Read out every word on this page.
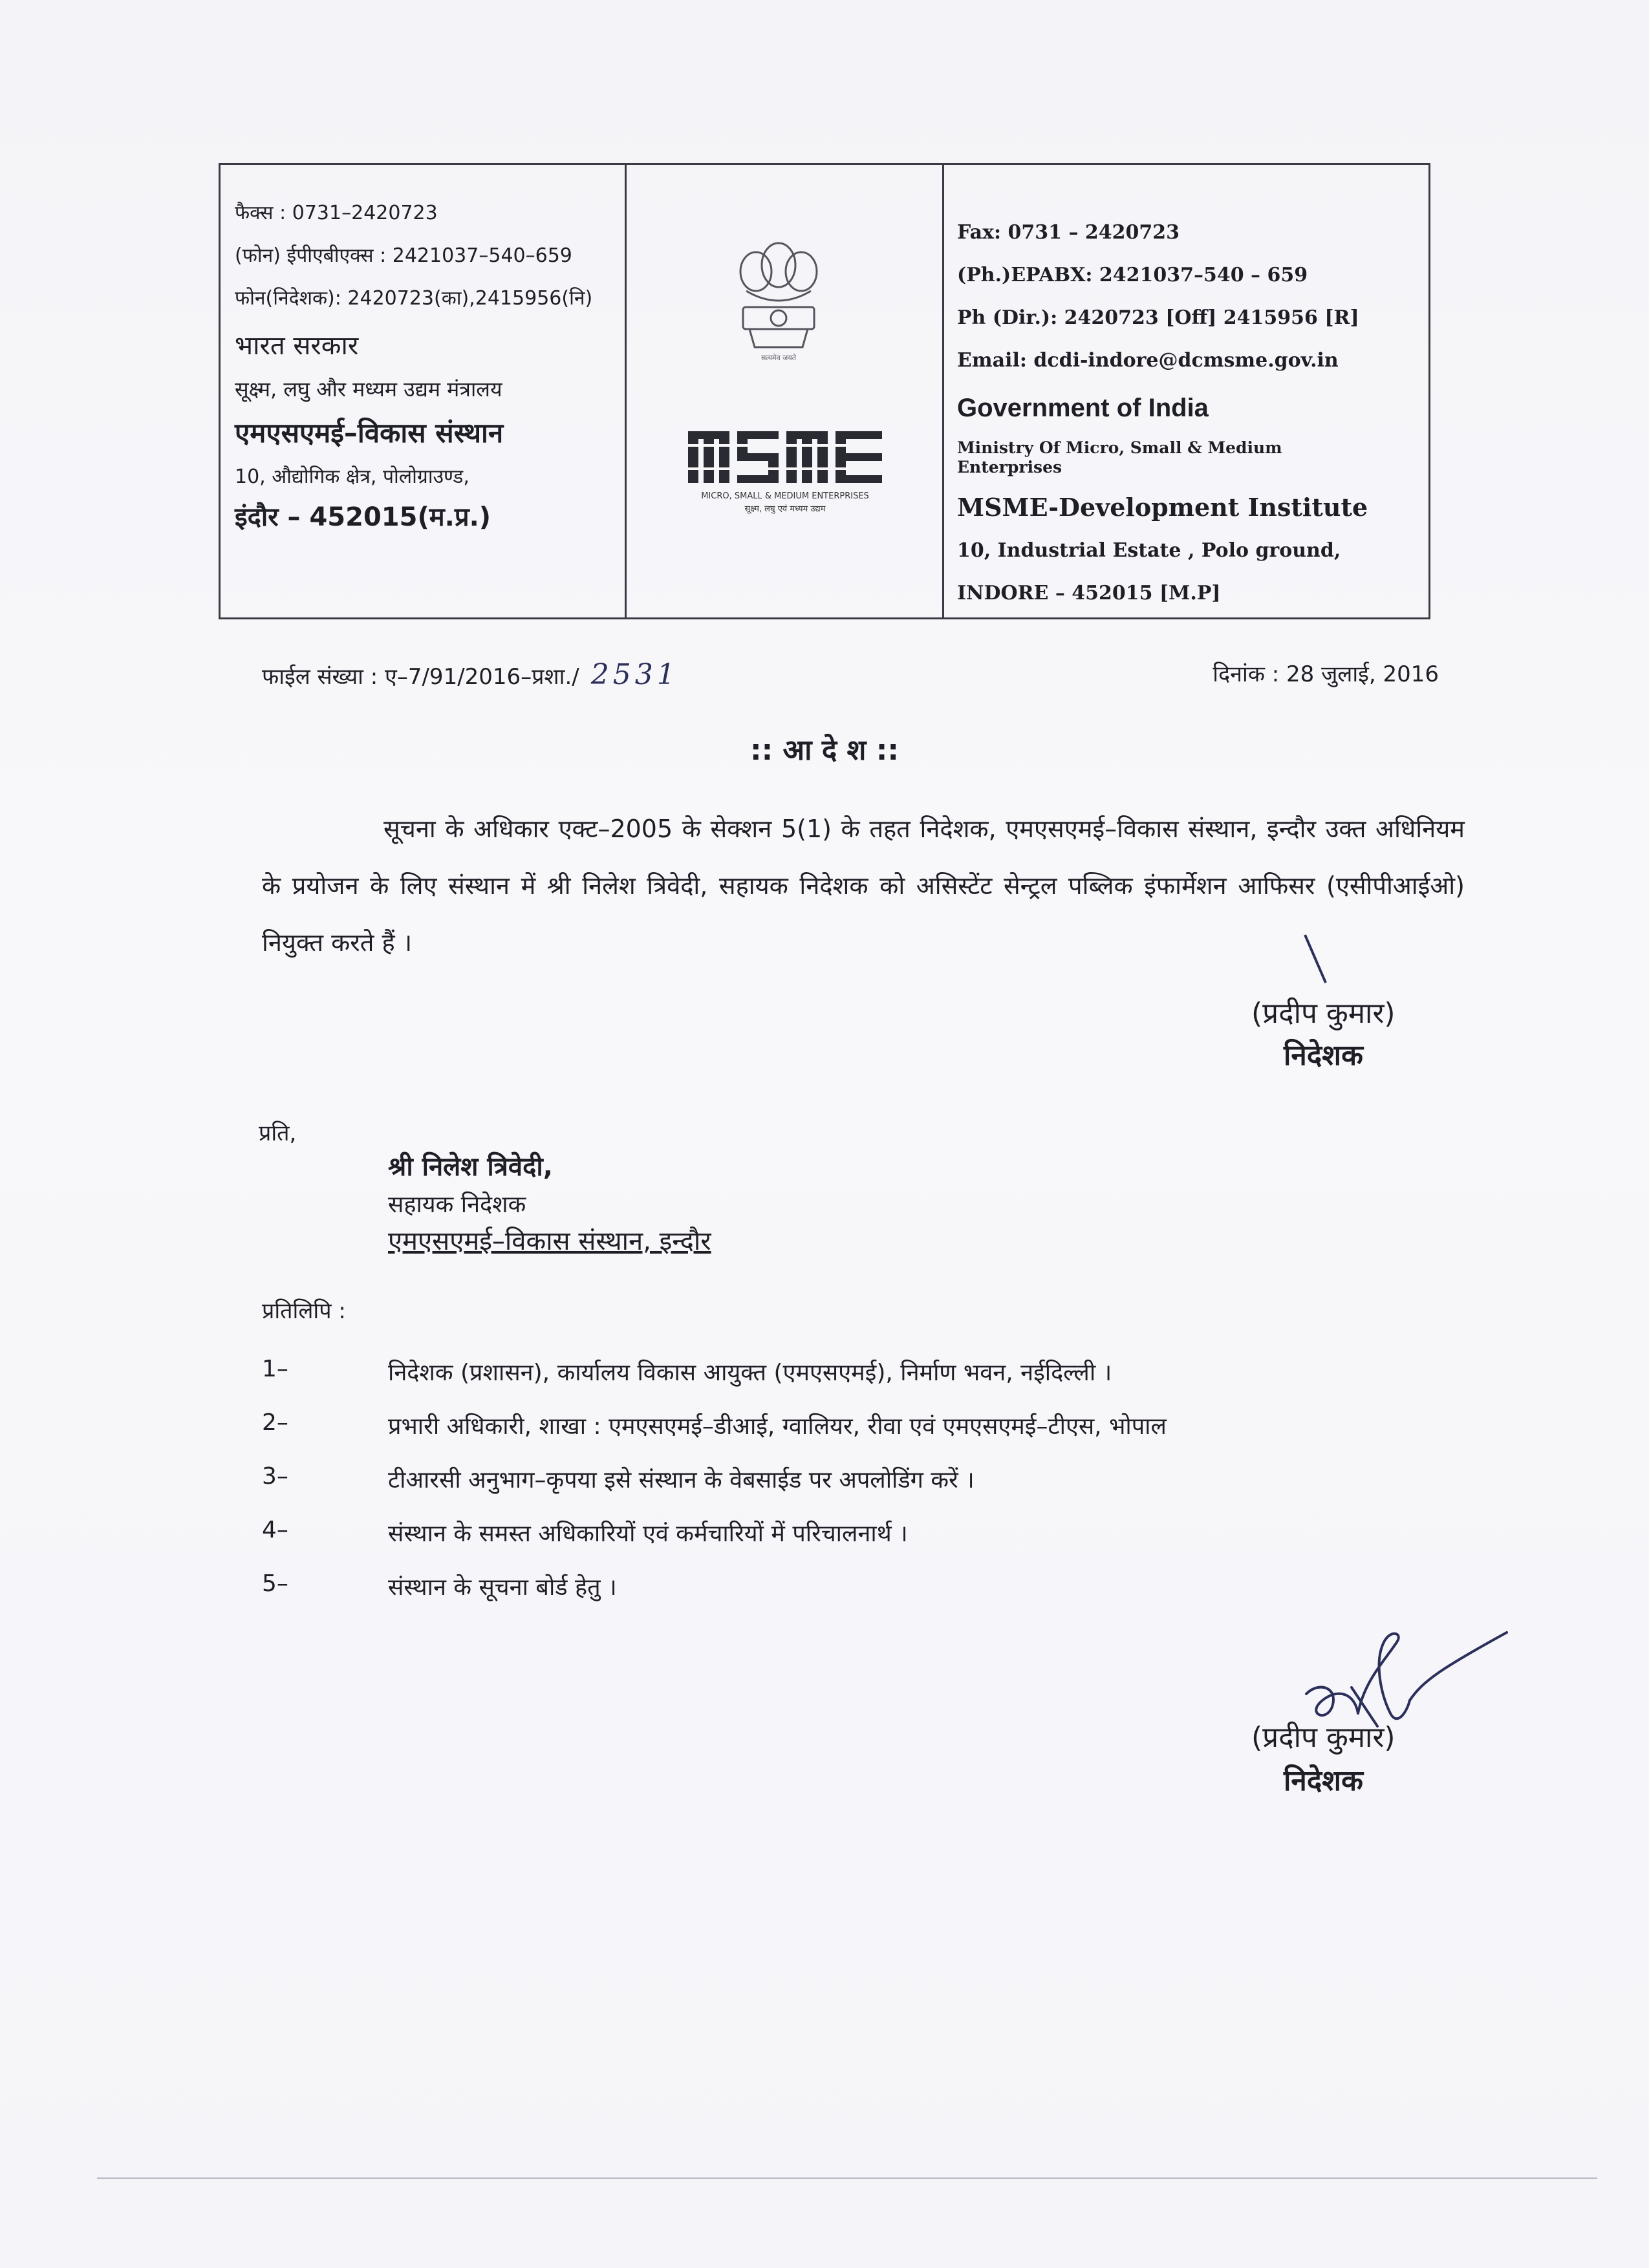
फैक्स : 0731–2420723
(फोन) ईपीएबीएक्स : 2421037–540–659
फोन(निदेशक): 2420723(का),2415956(नि)
भारत सरकार
सूक्ष्म, लघु और मध्यम उद्यम मंत्रालय
एमएसएमई–विकास संस्थान
10, औद्योगिक क्षेत्र, पोलोग्राउण्ड,
इंदौर – 452015(म.प्र.)
सत्यमेव जयते
MICRO, SMALL & MEDIUM ENTERPRISES
सूक्ष्म, लघु एवं मध्यम उद्यम
Fax: 0731 – 2420723
(Ph.)EPABX: 2421037–540 – 659
Ph (Dir.): 2420723 [Off] 2415956 [R]
Email: dcdi-indore@dcmsme.gov.in
Government of India
Ministry Of Micro, Small & Medium Enterprises
MSME-Development Institute
10, Industrial Estate , Polo ground,
INDORE – 452015 [M.P]
फाईल संख्या : ए–7/91/2016–प्रशा./ 2531	दिनांक : 28 जुलाई, 2016
:: आ दे श ::
सूचना के अधिकार एक्ट–2005 के सेक्शन 5(1) के तहत निदेशक, एमएसएमई–विकास संस्थान, इन्दौर उक्त अधिनियम के प्रयोजन के लिए संस्थान में श्री निलेश त्रिवेदी, सहायक निदेशक को असिस्टेंट सेन्ट्रल पब्लिक इंफार्मेशन आफिसर (एसीपीआईओ) नियुक्त करते हैं ।
(प्रदीप कुमार)
निदेशक
प्रति,
श्री निलेश त्रिवेदी,
सहायक निदेशक
एमएसएमई–विकास संस्थान, इन्दौर
प्रतिलिपि :
1–	निदेशक (प्रशासन), कार्यालय विकास आयुक्त (एमएसएमई), निर्माण भवन, नईदिल्ली ।
2–	प्रभारी अधिकारी, शाखा : एमएसएमई–डीआई, ग्वालियर, रीवा एवं एमएसएमई–टीएस, भोपाल
3–	टीआरसी अनुभाग–कृपया इसे संस्थान के वेबसाईड पर अपलोडिंग करें ।
4–	संस्थान के समस्त अधिकारियों एवं कर्मचारियों में परिचालनार्थ ।
5–	संस्थान के सूचना बोर्ड हेतु ।
(प्रदीप कुमार)
निदेशक
